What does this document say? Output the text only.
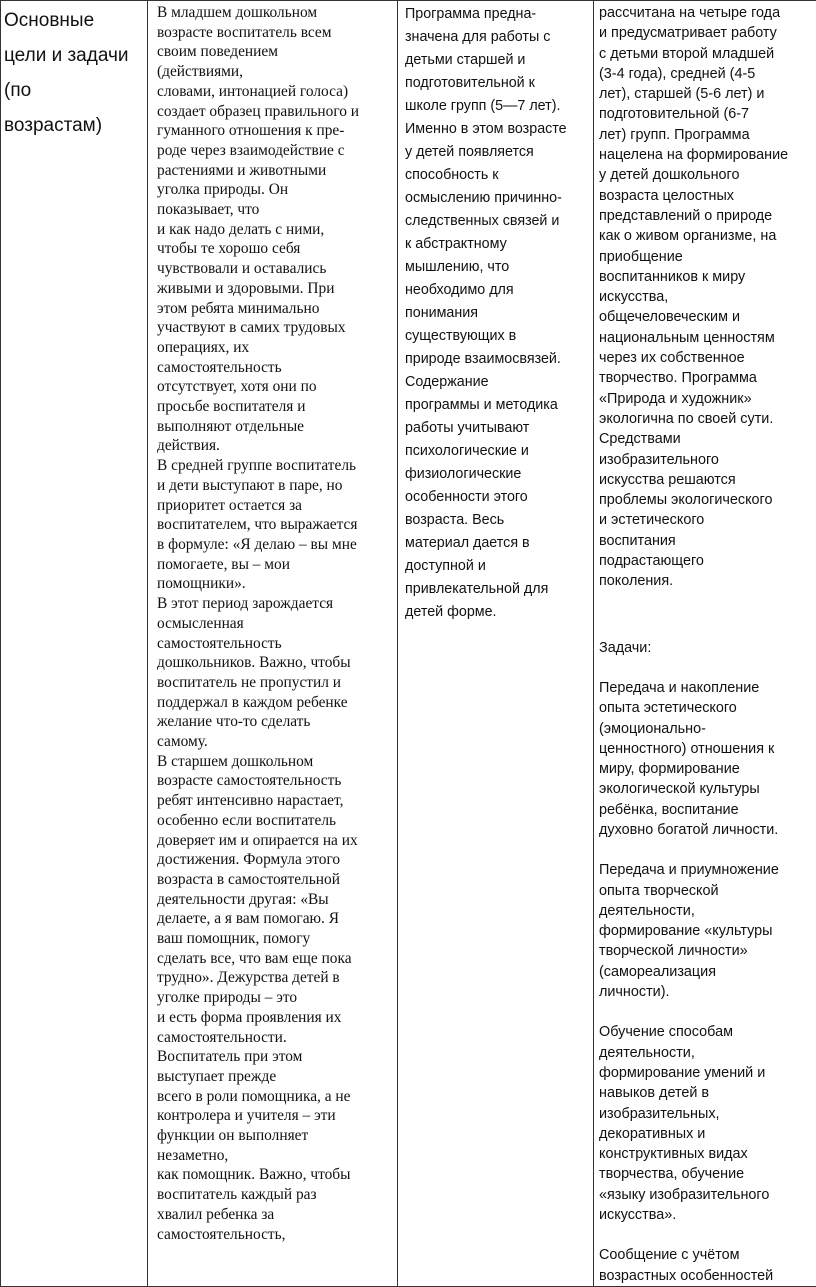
Основные
цели и задачи
(по
возрастам)

В младшем дошкольном
возрасте воспитатель всем
своим поведением
(действиями,
словами, интонацией голоса)
создает образец правильного и
гуманного отношения к пре-
роде через взаимодействие с
растениями и животными
уголка природы. Он
показывает, что
и как надо делать с ними,
чтобы те хорошо себя
чувствовали и оставались
живыми и здоровыми. При
этом ребята минимально
участвуют в самих трудовых
операциях, их
самостоятельность
отсутствует, хотя они по
просьбе воспитателя и
выполняют отдельные
действия.
В средней группе воспитатель
и дети выступают в паре, но
приоритет остается за
воспитателем, что выражается
в формуле: «Я делаю – вы мне
помогаете, вы – мои
помощники».
В этот период зарождается
осмысленная
самостоятельность
дошкольников. Важно, чтобы
воспитатель не пропустил и
поддержал в каждом ребенке
желание что-то сделать
самому.
В старшем дошкольном
возрасте самостоятельность
ребят интенсивно нарастает,
особенно если воспитатель
доверяет им и опирается на их
достижения. Формула этого
возраста в самостоятельной
деятельности другая: «Вы
делаете, а я вам помогаю. Я
ваш помощник, помогу
сделать все, что вам еще пока
трудно». Дежурства детей в
уголке природы – это
и есть форма проявления их
самостоятельности.
Воспитатель при этом
выступает прежде
всего в роли помощника, а не
контролера и учителя – эти
функции он выполняет
незаметно,
как помощник. Важно, чтобы
воспитатель каждый раз
хвалил ребенка за
самостоятельность,

Программа предна-
значена для работы с
детьми старшей и
подготовительной к
школе групп (5—7 лет).
Именно в этом возрасте
у детей появляется
способность к
осмыслению причинно-
следственных связей и
к абстрактному
мышлению, что
необходимо для
понимания
существующих в
природе взаимосвязей.
Содержание
программы и методика
работы учитывают
психологические и
физиологические
особенности этого
возраста. Весь
материал дается в
доступной и
привлекательной для
детей форме.

рассчитана на четыре года
и предусматривает работу
с детьми второй младшей
(3-4 года), средней (4-5
лет), старшей (5-6 лет) и
подготовительной (6-7
лет) групп. Программа
нацелена на формирование
у детей дошкольного
возраста целостных
представлений о природе
как о живом организме, на
приобщение
воспитанников к миру
искусства,
общечеловеческим и
национальным ценностям
через их собственное
творчество. Программа
«Природа и художник»
экологична по своей сути.
Средствами
изобразительного
искусства решаются
проблемы экологического
и эстетического
воспитания
подрастающего
поколения.
Задачи:
Передача и накопление
опыта эстетического
(эмоционально-
ценностного) отношения к
миру, формирование
экологической культуры
ребёнка, воспитание
духовно богатой личности.
Передача и приумножение
опыта творческой
деятельности,
формирование «культуры
творческой личности»
(самореализация
личности).
Обучение способам
деятельности,
формирование умений и
навыков детей в
изобразительных,
декоративных и
конструктивных видах
творчества, обучение
«языку изобразительного
искусства».
Сообщение с учётом
возрастных особенностей
